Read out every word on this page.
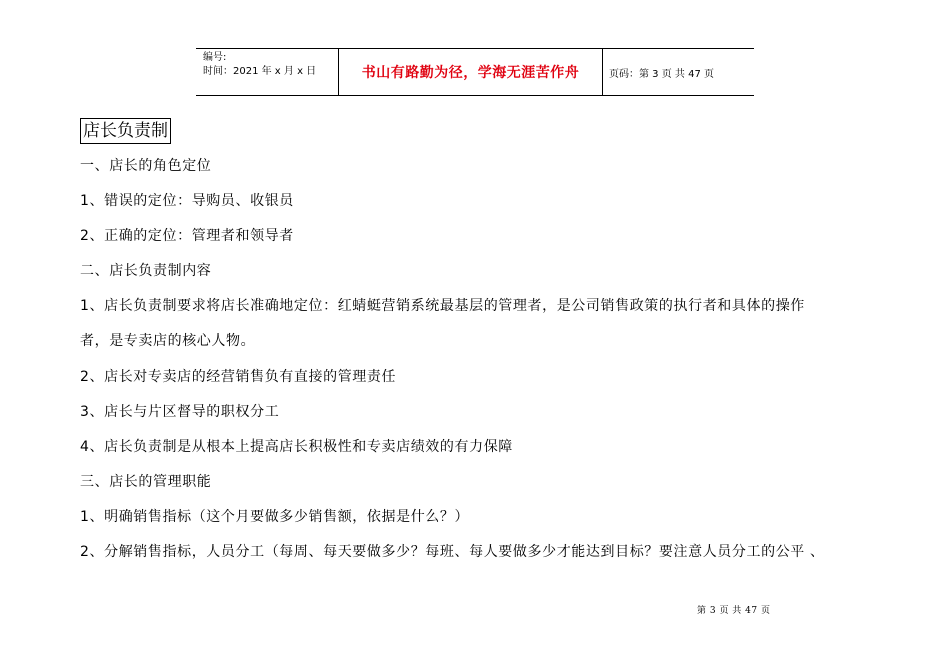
编号:
时间：2021 年 x 月 x 日	书山有路勤为径，学海无涯苦作舟	页码：第 3 页 共 47 页
店长负责制
一、店长的角色定位
1、错误的定位：导购员、收银员
2、正确的定位：管理者和领导者
二、店长负责制内容
1、店长负责制要求将店长准确地定位：红蜻蜓营销系统最基层的管理者，是公司销售政策的执行者和具体的操作
者，是专卖店的核心人物。
2、店长对专卖店的经营销售负有直接的管理责任
3、店长与片区督导的职权分工
4、店长负责制是从根本上提高店长积极性和专卖店绩效的有力保障
三、店长的管理职能
1、明确销售指标（这个月要做多少销售额，依据是什么？）
2、分解销售指标，人员分工（每周、每天要做多少？每班、每人要做多少才能达到目标？要注意人员分工的公平 、
第 3 页 共 47 页
